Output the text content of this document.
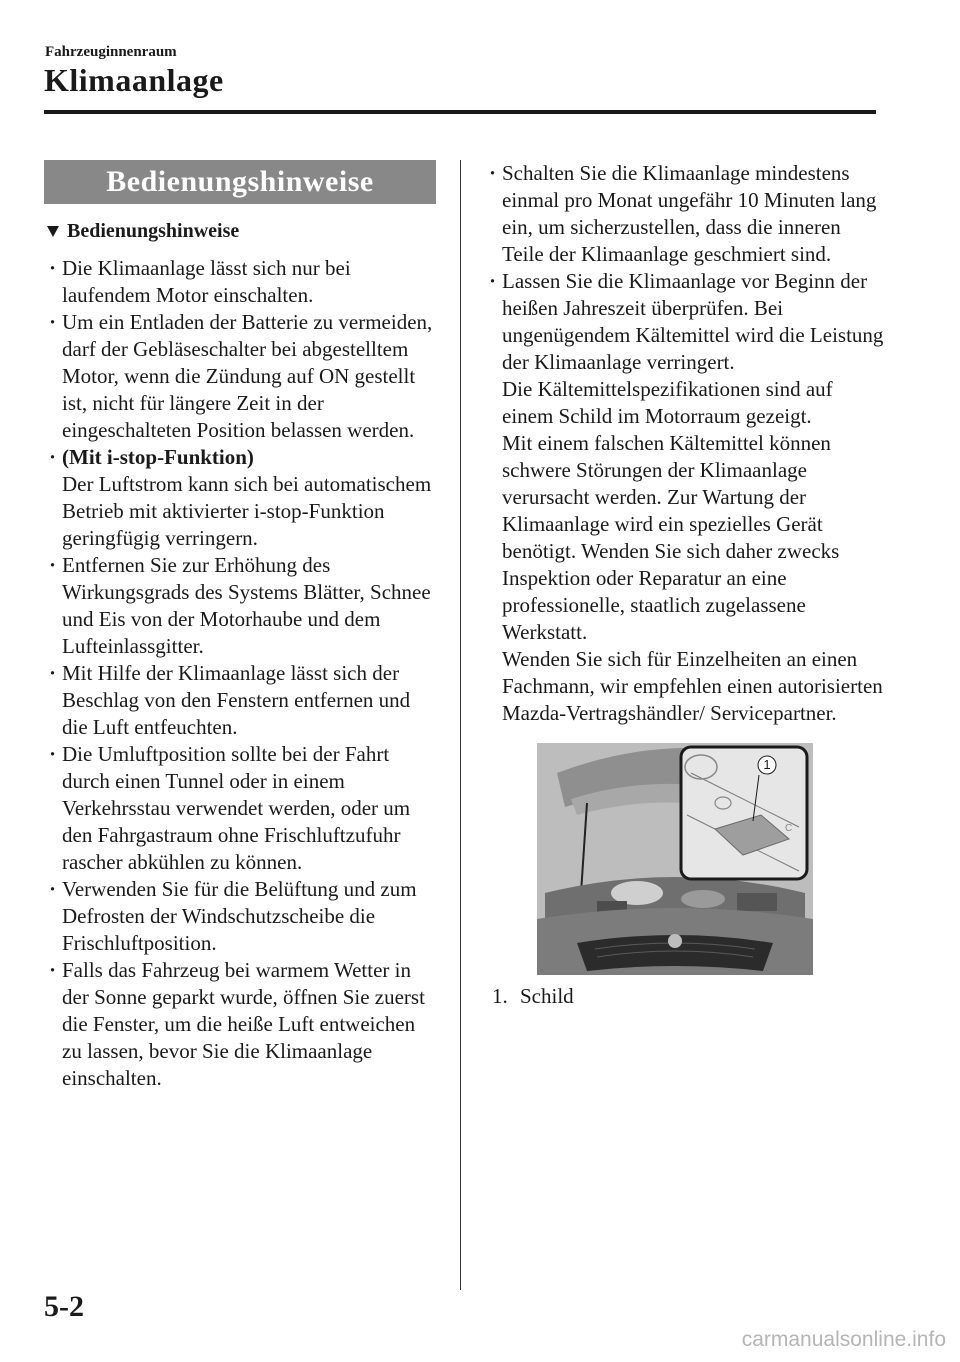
Fahrzeuginnenraum
Klimaanlage
Bedienungshinweise
Bedienungshinweise
· Die Klimaanlage lässt sich nur bei laufendem Motor einschalten.
· Um ein Entladen der Batterie zu vermeiden, darf der Gebläseschalter bei abgestelltem Motor, wenn die Zündung auf ON gestellt ist, nicht für längere Zeit in der eingeschalteten Position belassen werden.
· (Mit i-stop-Funktion)
Der Luftstrom kann sich bei automatischem Betrieb mit aktivierter i-stop-Funktion geringfügig verringern.
· Entfernen Sie zur Erhöhung des Wirkungsgrads des Systems Blätter, Schnee und Eis von der Motorhaube und dem Lufteinlassgitter.
· Mit Hilfe der Klimaanlage lässt sich der Beschlag von den Fenstern entfernen und die Luft entfeuchten.
· Die Umluftposition sollte bei der Fahrt durch einen Tunnel oder in einem Verkehrsstau verwendet werden, oder um den Fahrgastraum ohne Frischluftzufuhr rascher abkühlen zu können.
· Verwenden Sie für die Belüftung und zum Defrosten der Windschutzscheibe die Frischluftposition.
· Falls das Fahrzeug bei warmem Wetter in der Sonne geparkt wurde, öffnen Sie zuerst die Fenster, um die heiße Luft entweichen zu lassen, bevor Sie die Klimaanlage einschalten.
· Schalten Sie die Klimaanlage mindestens einmal pro Monat ungefähr 10 Minuten lang ein, um sicherzustellen, dass die inneren Teile der Klimaanlage geschmiert sind.
· Lassen Sie die Klimaanlage vor Beginn der heißen Jahreszeit überprüfen. Bei ungenügendem Kältemittel wird die Leistung der Klimaanlage verringert.
Die Kältemittelspezifikationen sind auf einem Schild im Motorraum gezeigt.
Mit einem falschen Kältemittel können schwere Störungen der Klimaanlage verursacht werden. Zur Wartung der Klimaanlage wird ein spezielles Gerät benötigt. Wenden Sie sich daher zwecks Inspektion oder Reparatur an eine professionelle, staatlich zugelassene Werkstatt.
Wenden Sie sich für Einzelheiten an einen Fachmann, wir empfehlen einen autorisierten Mazda-Vertragshändler/ Servicepartner.
C
1
1. Schild
5-2
carmanualsonline.info
